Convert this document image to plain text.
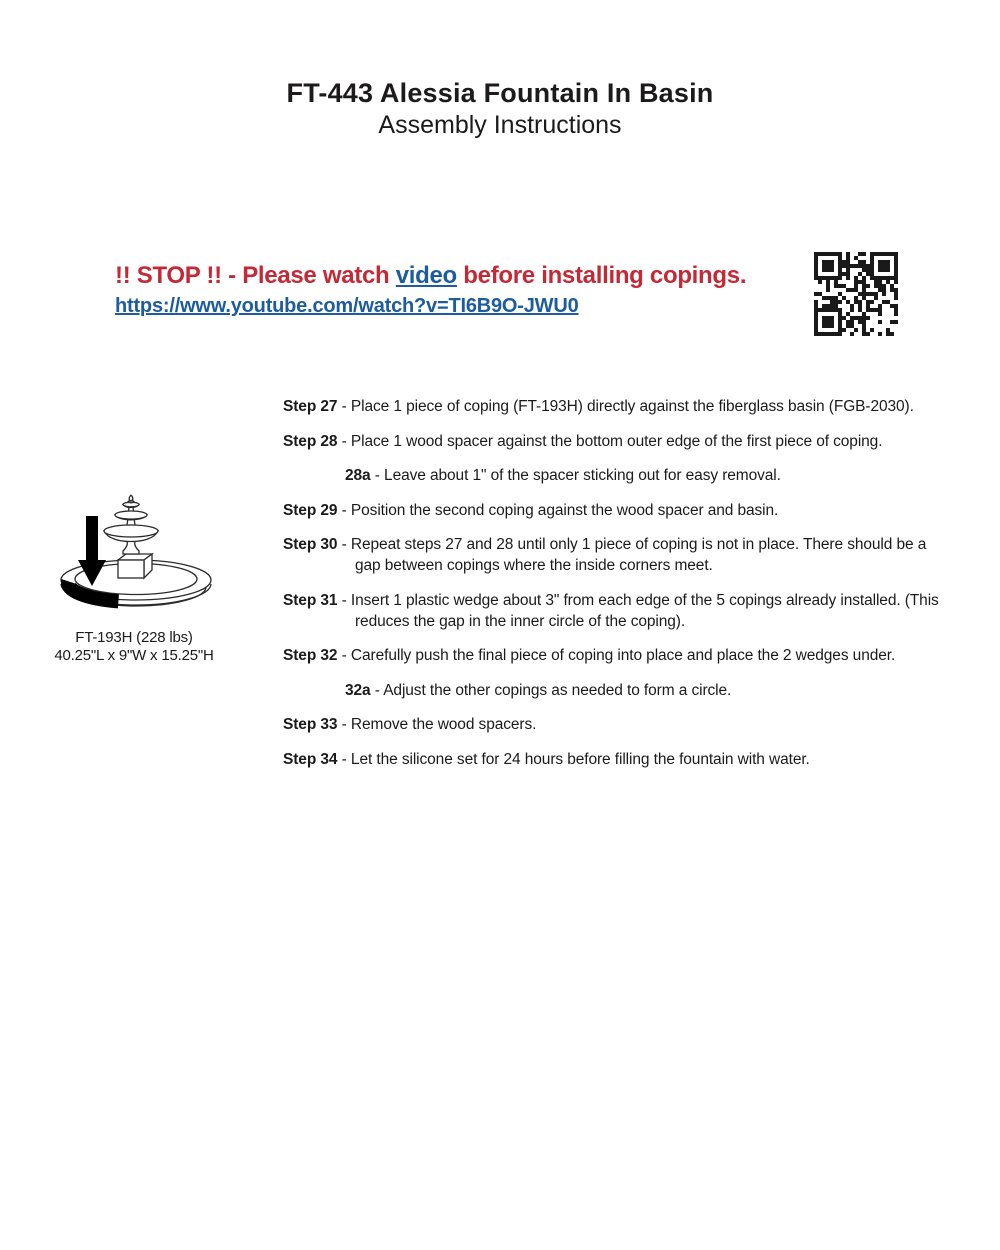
FT-443 Alessia Fountain In Basin
Assembly Instructions
!! STOP !! - Please watch video before installing copings.
https://www.youtube.com/watch?v=TI6B9O-JWU0
FT-193H (228 lbs)
40.25"L x 9"W x 15.25"H
Step 27 - Place 1 piece of coping (FT-193H) directly against the fiberglass basin (FGB-2030).
Step 28 - Place 1 wood spacer against the bottom outer edge of the first piece of coping.
28a - Leave about 1" of the spacer sticking out for easy removal.
Step 29 - Position the second coping against the wood spacer and basin.
Step 30 - Repeat steps 27 and 28 until only 1 piece of coping is not in place. There should be a gap between copings where the inside corners meet.
Step 31 - Insert 1 plastic wedge about 3" from each edge of the 5 copings already installed. (This reduces the gap in the inner circle of the coping).
Step 32 - Carefully push the final piece of coping into place and place the 2 wedges under.
32a - Adjust the other copings as needed to form a circle.
Step 33 - Remove the wood spacers.
Step 34 - Let the silicone set for 24 hours before filling the fountain with water.
